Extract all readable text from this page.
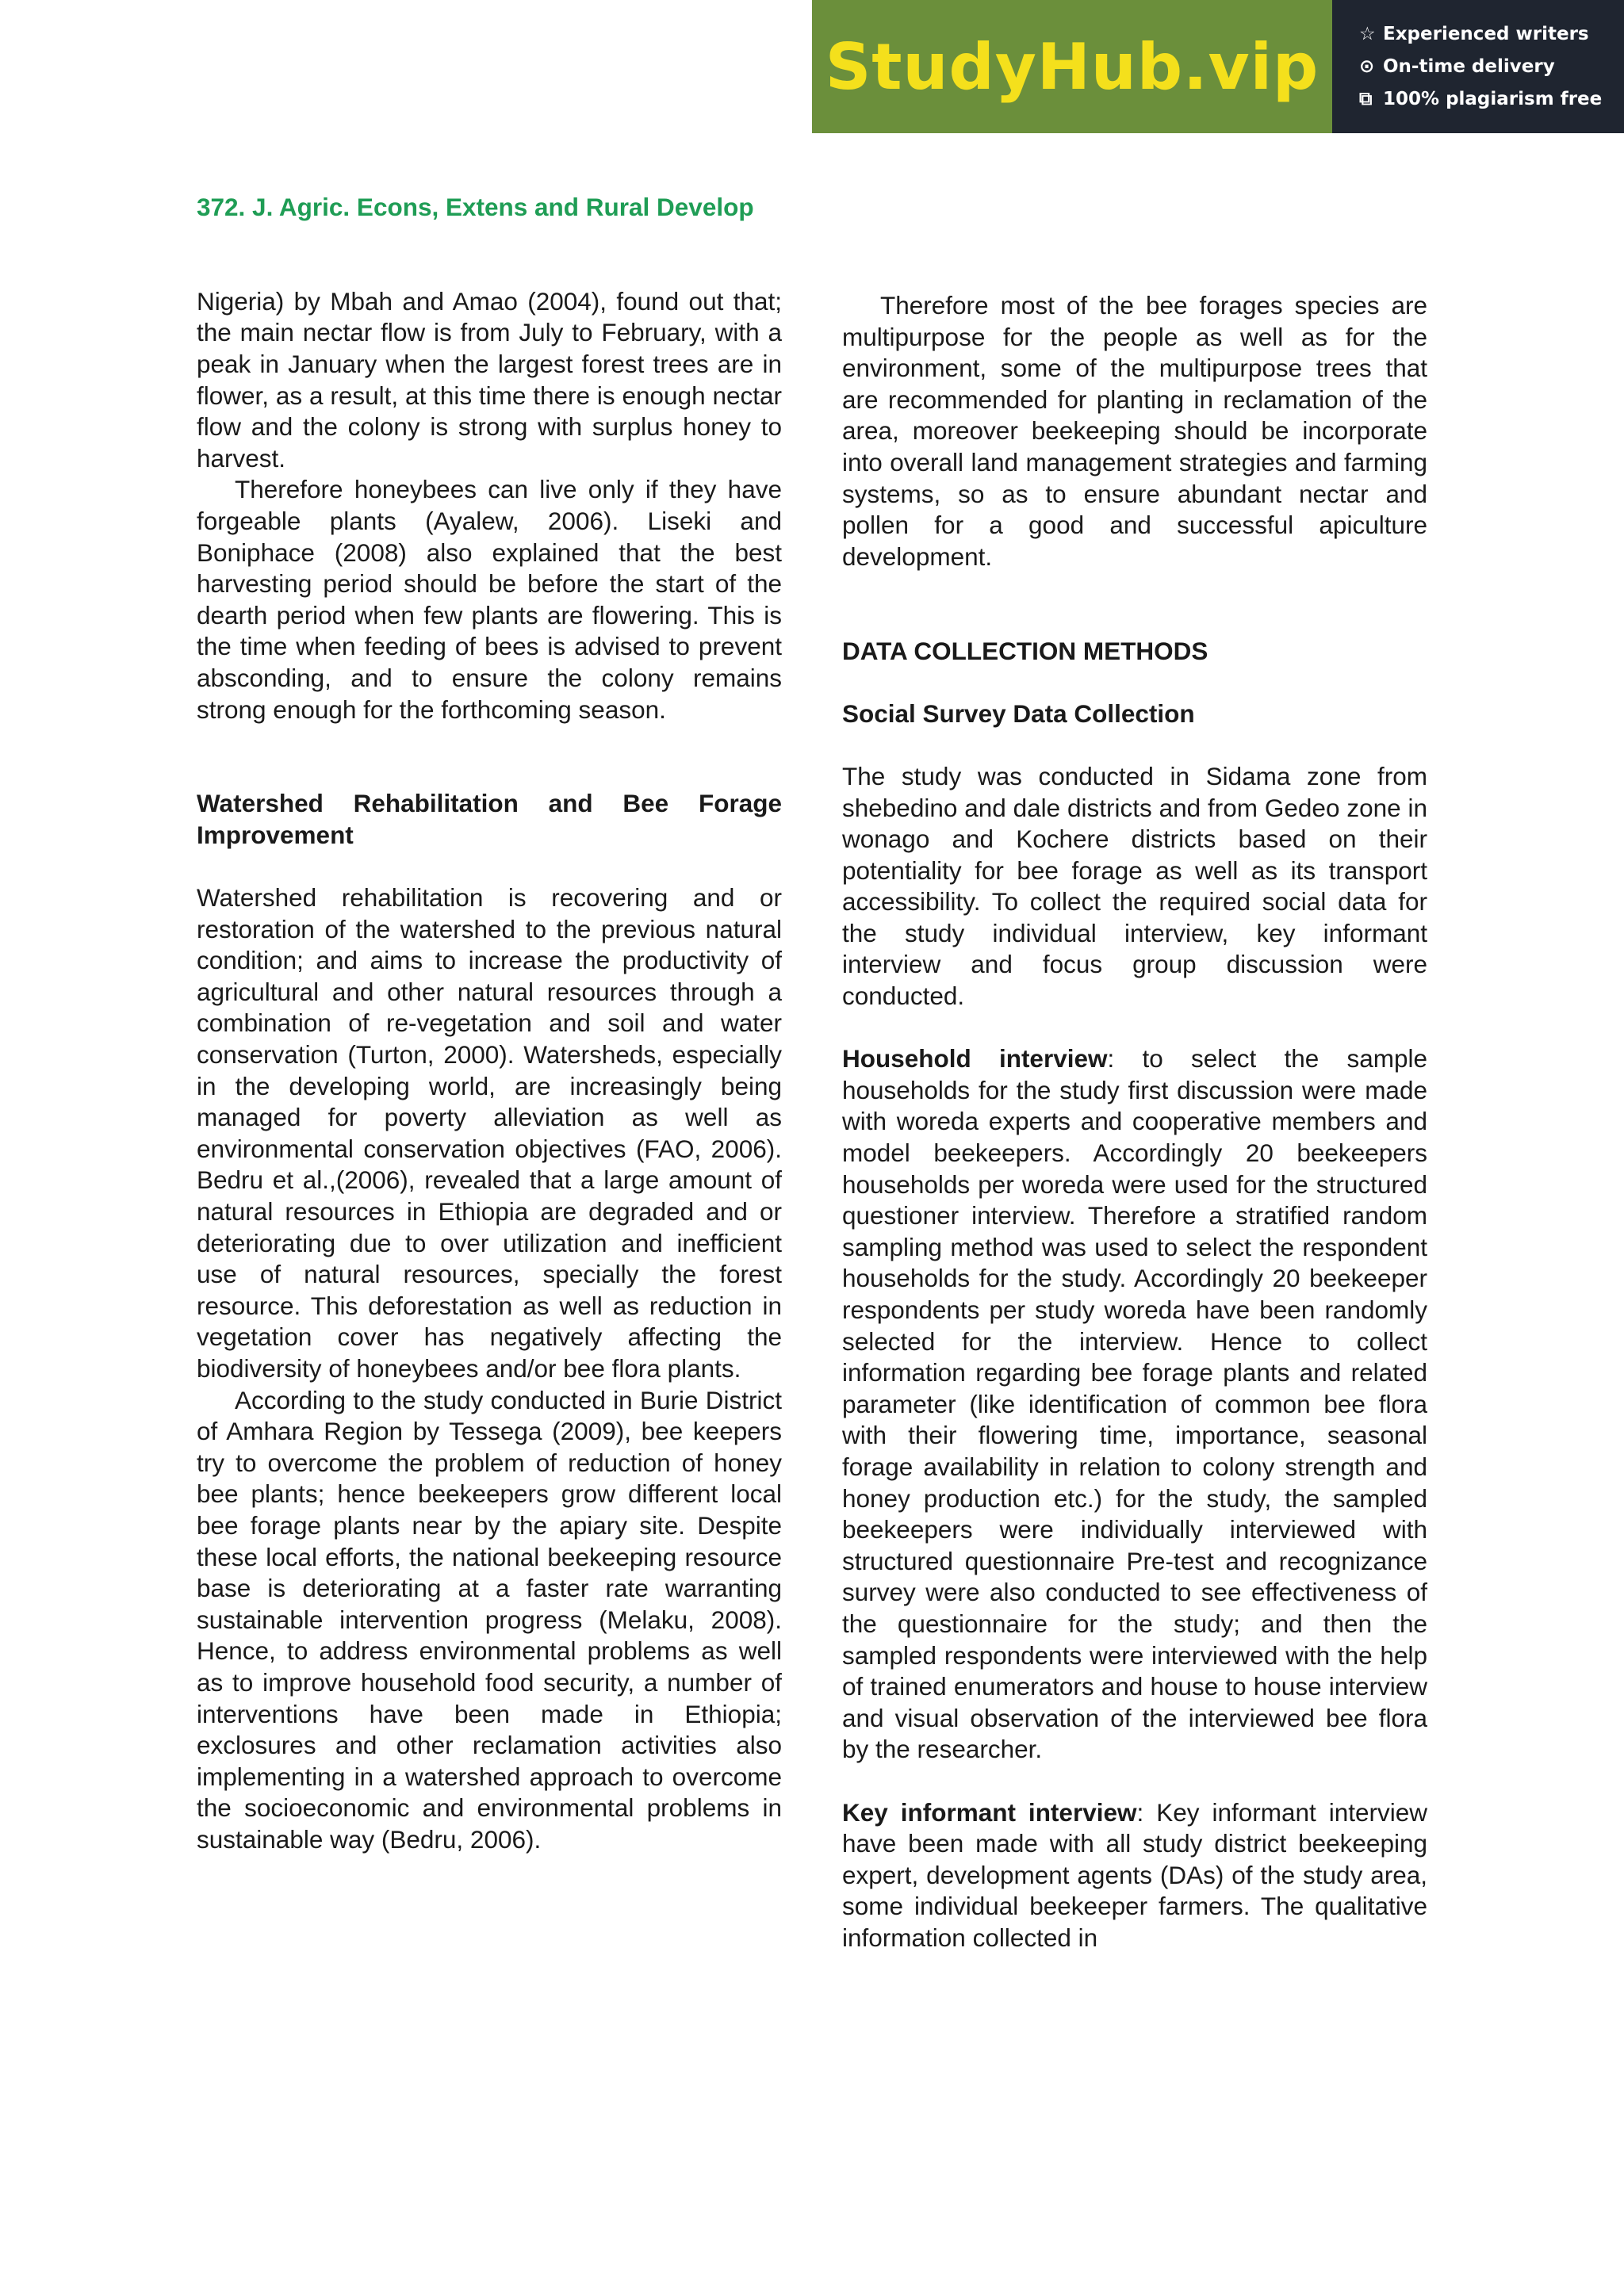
StudyHub.vip ☆ Experienced writers
⊙ On-time delivery
⧉ 100% plagiarism free

372. J. Agric. Econs, Extens and Rural Develop

Nigeria) by Mbah and Amao (2004), found out that; the main nectar flow is from July to February, with a peak in January when the largest forest trees are in flower, as a result, at this time there is enough nectar flow and the colony is strong with surplus honey to harvest.

Therefore honeybees can live only if they have forgeable plants (Ayalew, 2006). Liseki and Boniphace (2008) also explained that the best harvesting period should be before the start of the dearth period when few plants are flowering. This is the time when feeding of bees is advised to prevent absconding, and to ensure the colony remains strong enough for the forthcoming season.

Watershed Rehabilitation and Bee Forage Improvement

Watershed rehabilitation is recovering and or restoration of the watershed to the previous natural condition; and aims to increase the productivity of agricultural and other natural resources through a combination of re-vegetation and soil and water conservation (Turton, 2000). Watersheds, especially in the developing world, are increasingly being managed for poverty alleviation as well as environmental conservation objectives (FAO, 2006). Bedru et al.,(2006), revealed that a large amount of natural resources in Ethiopia are degraded and or deteriorating due to over utilization and inefficient use of natural resources, specially the forest resource. This deforestation as well as reduction in vegetation cover has negatively affecting the biodiversity of honeybees and/or bee flora plants.

According to the study conducted in Burie District of Amhara Region by Tessega (2009), bee keepers try to overcome the problem of reduction of honey bee plants; hence beekeepers grow different local bee forage plants near by the apiary site. Despite these local efforts, the national beekeeping resource base is deteriorating at a faster rate warranting sustainable intervention progress (Melaku, 2008). Hence, to address environmental problems as well as to improve household food security, a number of interventions have been made in Ethiopia; exclosures and other reclamation activities also implementing in a watershed approach to overcome the socioeconomic and environmental problems in sustainable way (Bedru, 2006).

Therefore most of the bee forages species are multipurpose for the people as well as for the environment, some of the multipurpose trees that are recommended for planting in reclamation of the area, moreover beekeeping should be incorporate into overall land management strategies and farming systems, so as to ensure abundant nectar and pollen for a good and successful apiculture development.

DATA COLLECTION METHODS

Social Survey Data Collection

The study was conducted in Sidama zone from shebedino and dale districts and from Gedeo zone in wonago and Kochere districts based on their potentiality for bee forage as well as its transport accessibility. To collect the required social data for the study individual interview, key informant interview and focus group discussion were conducted.

Household interview: to select the sample households for the study first discussion were made with woreda experts and cooperative members and model beekeepers. Accordingly 20 beekeepers households per woreda were used for the structured questioner interview. Therefore a stratified random sampling method was used to select the respondent households for the study. Accordingly 20 beekeeper respondents per study woreda have been randomly selected for the interview. Hence to collect information regarding bee forage plants and related parameter (like identification of common bee flora with their flowering time, importance, seasonal forage availability in relation to colony strength and honey production etc.) for the study, the sampled beekeepers were individually interviewed with structured questionnaire Pre-test and recognizance survey were also conducted to see effectiveness of the questionnaire for the study; and then the sampled respondents were interviewed with the help of trained enumerators and house to house interview and visual observation of the interviewed bee flora by the researcher.

Key informant interview: Key informant interview have been made with all study district beekeeping expert, development agents (DAs) of the study area, some individual beekeeper farmers. The qualitative information collected in
